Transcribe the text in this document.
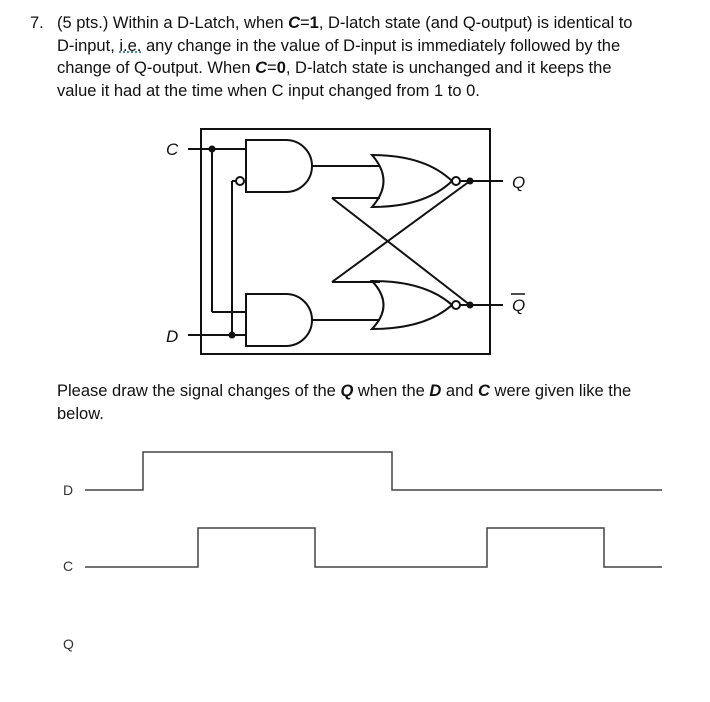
7. (5 pts.) Within a D-Latch, when C=1, D-latch state (and Q-output) is identical to
D-input, i.e. any change in the value of D-input is immediately followed by the
change of Q-output. When C=0, D-latch state is unchanged and it keeps the
value it had at the time when C input changed from 1 to 0.
C
D
Q
Q
Please draw the signal changes of the Q when the D and C were given like the
below.
D
C
Q
